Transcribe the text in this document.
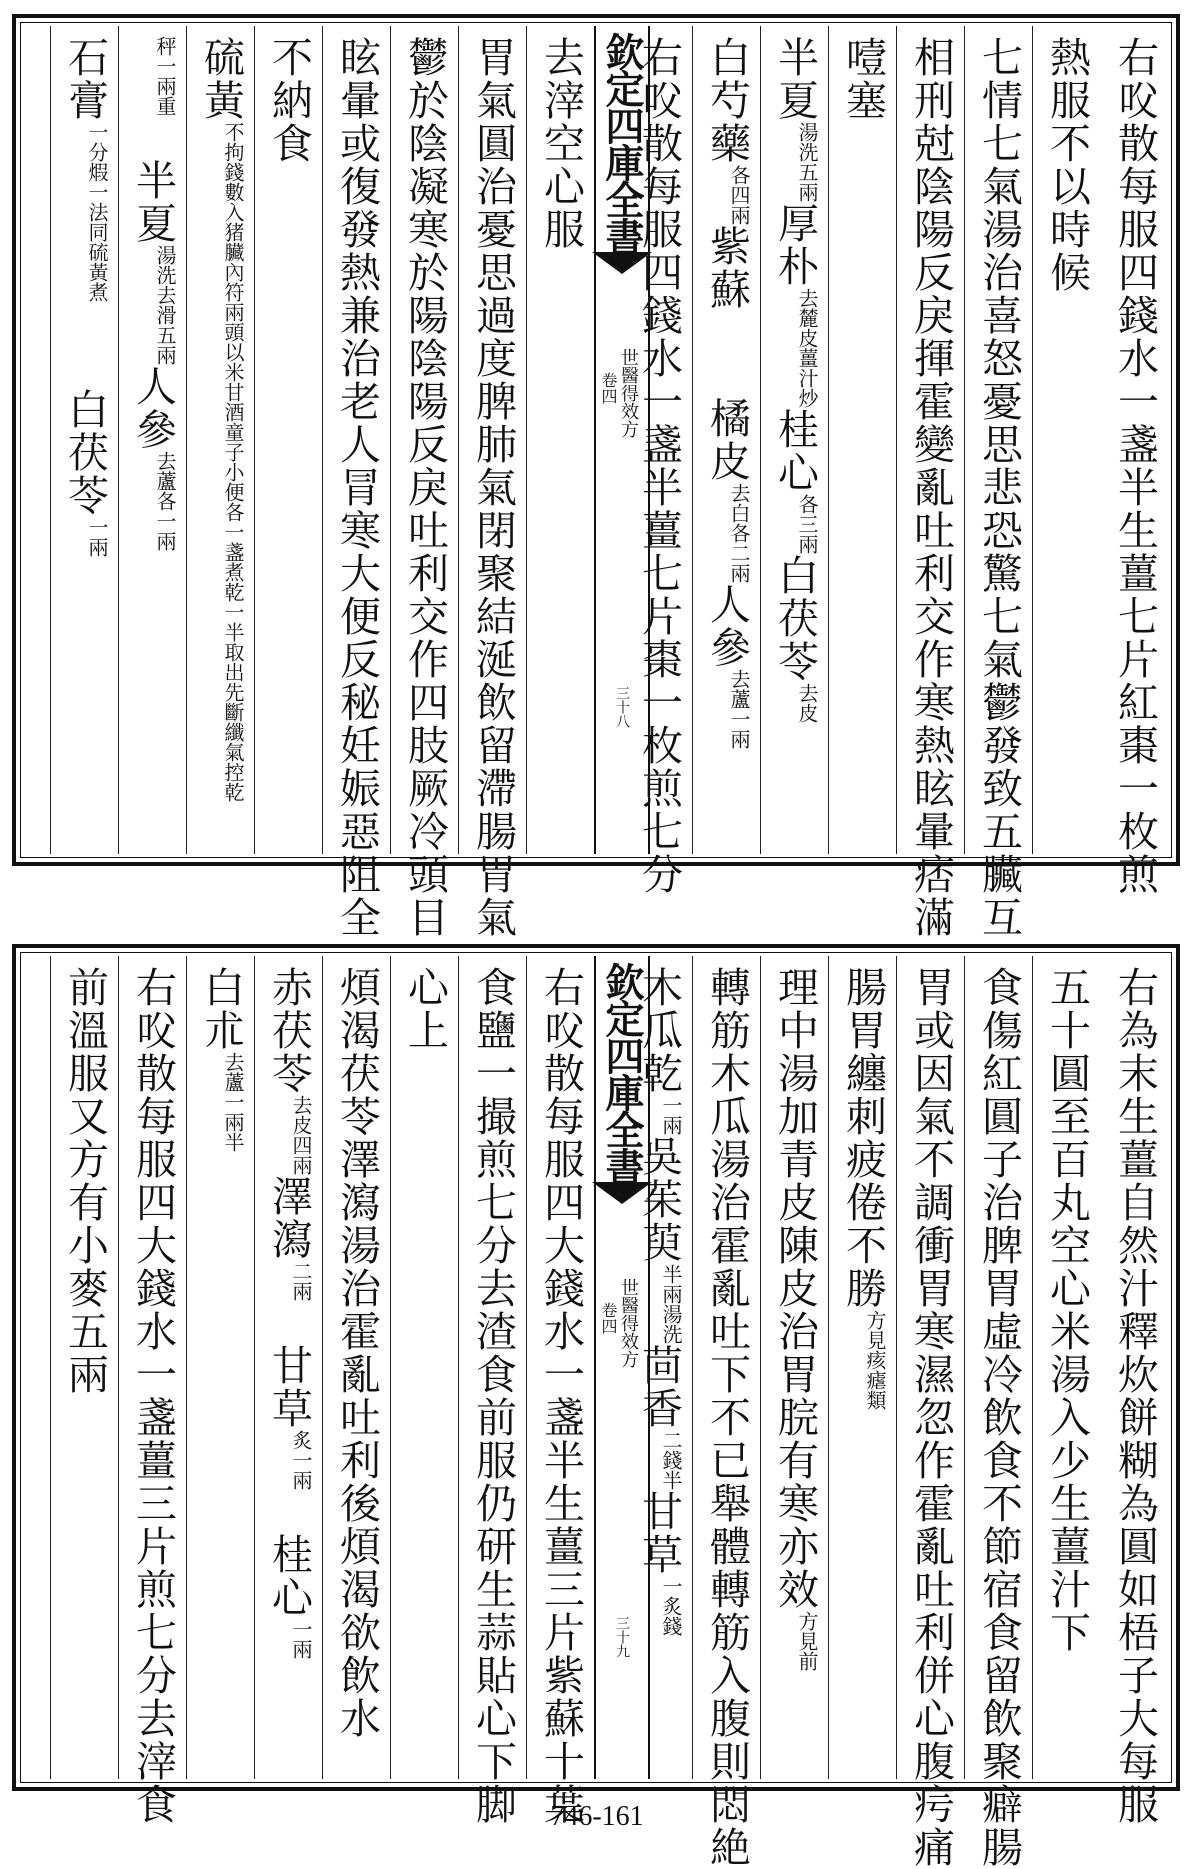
欽定四庫全書
世醫得效方
卷四
三十八	右㕮散每服四錢水一盞半生薑七片紅棗一枚煎
熱服不以時候
七情七氣湯治喜怒憂思悲恐驚七氣鬱發致五臟互
相刑尅陰陽反戾揮霍變亂吐利交作寒熱眩暈痞滿
噎塞
半夏湯洗五兩厚朴去麓皮薑汁炒桂心各三兩白茯苓去皮
白芍藥各四兩紫蘇　　橘皮去白各二兩人參去蘆一兩
右㕮散每服四錢水一盞半薑七片棗一枚煎七分
去滓空心服
胃氣圓治憂思過度脾肺氣閉聚結涎飲留滯腸胃氣
鬱於陰凝寒於陽陰陽反戾吐利交作四肢厥冷頭目
眩暈或復發熱兼治老人冐寒大便反秘妊娠惡阻全
不納食
硫黃不拘錢數入猪臟內符兩頭以米甘酒童子小便各一盞煮乾一半取出先斷纖氣控乾
秤一兩重　半夏湯洗去滑五兩人參去蘆各一兩
石膏一分煆一法同硫黃煮　　白茯苓一兩
欽定四庫全書
世醫得效方
卷四
三十九	右為末生薑自然汁釋炊餅糊為圓如梧子大每服
五十圓至百丸空心米湯入少生薑汁下
食傷紅圓子治脾胃虛冷飲食不節宿食留飲聚癖腸
胃或因氣不調衝胃寒濕忽作霍亂吐利併心腹疞痛
腸胃纏刺疲倦不勝方見痎瘧類
理中湯加青皮陳皮治胃脘有寒亦效方見前
轉筋木瓜湯治霍亂吐下不已舉體轉筋入腹則悶絶
木瓜乾一兩吳茱萸半兩湯洗茴香二錢半甘草一炙錢
右㕮散每服四大錢水一盞半生薑三片紫蘇十葉
食鹽一撮煎七分去渣食前服仍研生蒜貼心下脚
心上
煩渴茯苓澤瀉湯治霍亂吐利後煩渴欲飲水
赤茯苓去皮四兩澤瀉二兩　甘草炙一兩　桂心一兩
白朮去蘆一兩半
右㕮散每服四大錢水一盞薑三片煎七分去滓食
前溫服又方有小麥五兩
746-161
